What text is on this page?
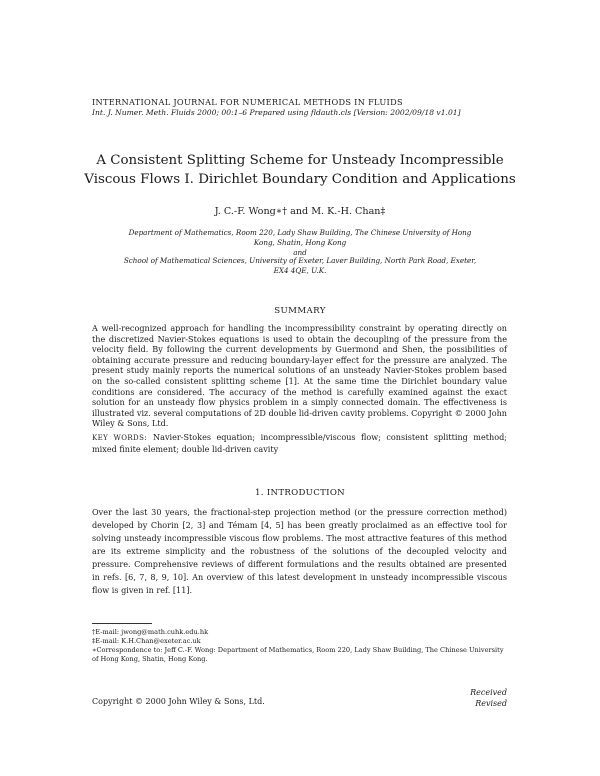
INTERNATIONAL JOURNAL FOR NUMERICAL METHODS IN FLUIDS
Int. J. Numer. Meth. Fluids 2000; 00:1–6 Prepared using fldauth.cls [Version: 2002/09/18 v1.01]
A Consistent Splitting Scheme for Unsteady Incompressible
Viscous Flows I. Dirichlet Boundary Condition and Applications
J. C.-F. Wong∗† and M. K.-H. Chan‡
Department of Mathematics, Room 220, Lady Shaw Building, The Chinese University of Hong Kong, Shatin, Hong Kong
and
School of Mathematical Sciences, University of Exeter, Laver Building, North Park Road, Exeter, EX4 4QE, U.K.
SUMMARY
A well-recognized approach for handling the incompressibility constraint by operating directly on the discretized Navier-Stokes equations is used to obtain the decoupling of the pressure from the velocity field. By following the current developments by Guermond and Shen, the possibilities of obtaining accurate pressure and reducing boundary-layer effect for the pressure are analyzed. The present study mainly reports the numerical solutions of an unsteady Navier-Stokes problem based on the so-called consistent splitting scheme [1]. At the same time the Dirichlet boundary value conditions are considered. The accuracy of the method is carefully examined against the exact solution for an unsteady flow physics problem in a simply connected domain. The effectiveness is illustrated viz. several computations of 2D double lid-driven cavity problems. Copyright © 2000 John Wiley & Sons, Ltd.
KEY WORDS: Navier-Stokes equation; incompressible/viscous flow; consistent splitting method; mixed finite element; double lid-driven cavity
1. INTRODUCTION
Over the last 30 years, the fractional-step projection method (or the pressure correction method) developed by Chorin [2, 3] and Témam [4, 5] has been greatly proclaimed as an effective tool for solving unsteady incompressible viscous flow problems. The most attractive features of this method are its extreme simplicity and the robustness of the solutions of the decoupled velocity and pressure. Comprehensive reviews of different formulations and the results obtained are presented in refs. [6, 7, 8, 9, 10]. An overview of this latest development in unsteady incompressible viscous flow is given in ref. [11].
†E-mail: jwong@math.cuhk.edu.hk
‡E-mail: K.H.Chan@exeter.ac.uk
∗Correspondence to: Jeff C.-F. Wong: Department of Mathematics, Room 220, Lady Shaw Building, The Chinese University of Hong Kong, Shatin, Hong Kong.
Copyright © 2000 John Wiley & Sons, Ltd.
Received
Revised
